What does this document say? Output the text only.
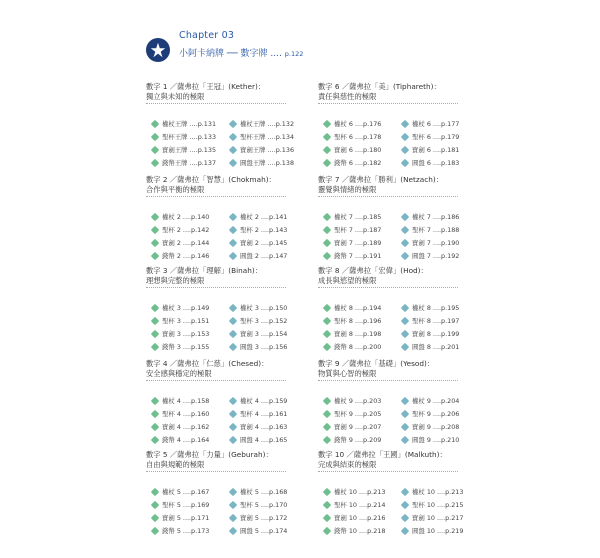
Chapter 03
小阿卡納牌 ── 數字牌 .... p.122
數字 1 ／薩弗拉「王冠」(Kether)：
獨立與未知的極限
權杖王牌 ....p.131	權杖王牌 ....p.132
聖杯王牌 ....p.133	聖杯王牌 ....p.134
寶劍王牌 ....p.135	寶劍王牌 ....p.136
錢幣王牌 ....p.137	圓盤王牌 ....p.138
數字 2 ／薩弗拉「智慧」(Chokmah)：
合作與平衡的極限
權杖 2 ....p.140	權杖 2 ....p.141
聖杯 2 ....p.142	聖杯 2 ....p.143
寶劍 2 ....p.144	寶劍 2 ....p.145
錢幣 2 ....p.146	圓盤 2 ....p.147
數字 3 ／薩弗拉「理解」(Binah)：
理想與完整的極限
權杖 3 ....p.149	權杖 3 ....p.150
聖杯 3 ....p.151	聖杯 3 ....p.152
寶劍 3 ....p.153	寶劍 3 ....p.154
錢幣 3 ....p.155	圓盤 3 ....p.156
數字 4 ／薩弗拉「仁慈」(Chesed)：
安全感與穩定的極限
權杖 4 ....p.158	權杖 4 ....p.159
聖杯 4 ....p.160	聖杯 4 ....p.161
寶劍 4 ....p.162	寶劍 4 ....p.163
錢幣 4 ....p.164	圓盤 4 ....p.165
數字 5 ／薩弗拉「力量」(Geburah)：
自由與規範的極限
權杖 5 ....p.167	權杖 5 ....p.168
聖杯 5 ....p.169	聖杯 5 ....p.170
寶劍 5 ....p.171	寶劍 5 ....p.172
錢幣 5 ....p.173	圓盤 5 ....p.174
數字 6 ／薩弗拉「美」(Tiphareth)：
責任與慈性的極限
權杖 6 ....p.176	權杖 6 ....p.177
聖杯 6 ....p.178	聖杯 6 ....p.179
寶劍 6 ....p.180	寶劍 6 ....p.181
錢幣 6 ....p.182	圓盤 6 ....p.183
數字 7 ／薩弗拉「勝利」(Netzach)：
靈覺與情緒的極限
權杖 7 ....p.185	權杖 7 ....p.186
聖杯 7 ....p.187	聖杯 7 ....p.188
寶劍 7 ....p.189	寶劍 7 ....p.190
錢幣 7 ....p.191	圓盤 7 ....p.192
數字 8 ／薩弗拉「宏偉」(Hod)：
成長與慾望的極限
權杖 8 ....p.194	權杖 8 ....p.195
聖杯 8 ....p.196	聖杯 8 ....p.197
寶劍 8 ....p.198	寶劍 8 ....p.199
錢幣 8 ....p.200	圓盤 8 ....p.201
數字 9 ／薩弗拉「基礎」(Yesod)：
物質與心智的極限
權杖 9 ....p.203	權杖 9 ....p.204
聖杯 9 ....p.205	聖杯 9 ....p.206
寶劍 9 ....p.207	寶劍 9 ....p.208
錢幣 9 ....p.209	圓盤 9 ....p.210
數字 10 ／薩弗拉「王國」(Malkuth)：
完成與結束的極限
權杖 10 ....p.213	權杖 10 ....p.213
聖杯 10 ....p.214	聖杯 10 ....p.215
寶劍 10 ....p.216	寶劍 10 ....p.217
錢幣 10 ....p.218	圓盤 10 ....p.219
